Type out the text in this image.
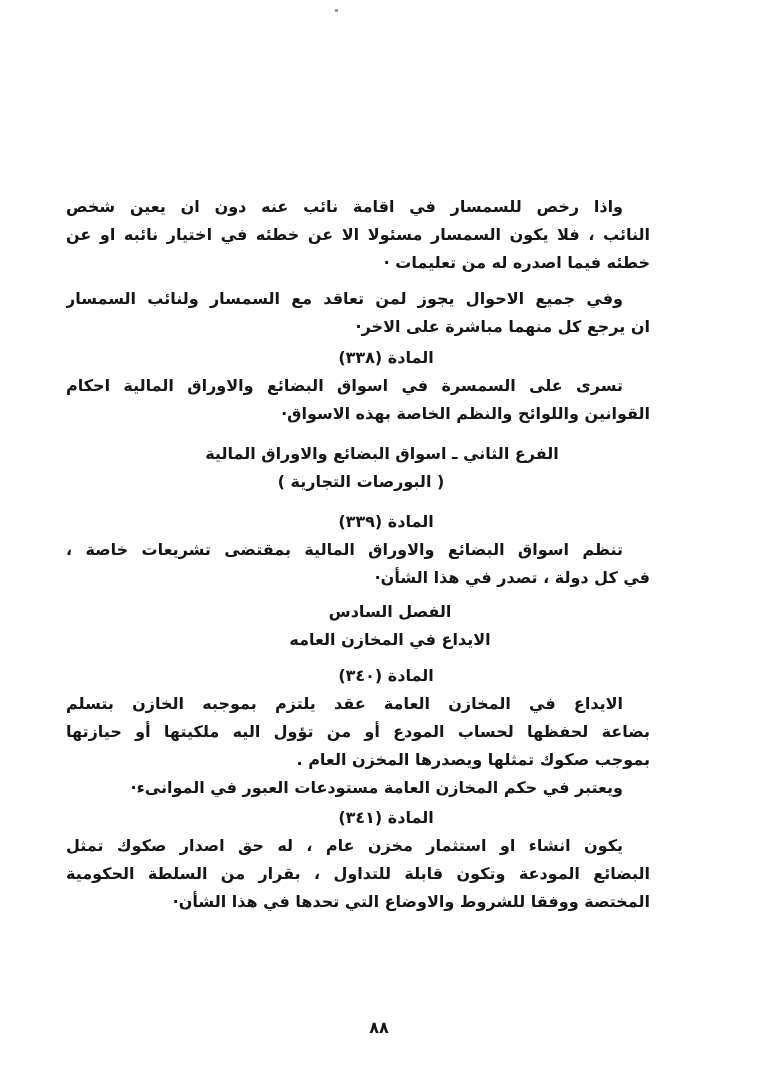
واذا رخص للسمسار في اقامة نائب عنه دون ان يعين شخص
النائب ، فلا يكون السمسار مسئولا الا عن خطئه في اختيار نائبه او عن
خطئه فيما اصدره له من تعليمات ·
وفي جميع الاحوال يجوز لمن تعاقد مع السمسار ولنائب السمسار
ان يرجع كل منهما مباشرة على الاخر·
المادة (٣٣٨)
تسرى على السمسرة في اسواق البضائع والاوراق المالية احكام
القوانين واللوائح والنظم الخاصة بهذه الاسواق·
الفرع الثاني ـ اسواق البضائع والاوراق المالية
( البورصات التجارية )
المادة (٣٣٩)
تنظم اسواق البضائع والاوراق المالية بمقتضى تشريعات خاصة ،
في كل دولة ، تصدر في هذا الشأن·
الفصل السادس
الايداع في المخازن العامه
المادة (٣٤٠)
الايداع في المخازن العامة عقد يلتزم بموجبه الخازن بتسلم
بضاعة لحفظها لحساب المودع أو من تؤول اليه ملكيتها أو حيازتها
بموجب صكوك تمثلها ويصدرها المخزن العام .
ويعتبر في حكم المخازن العامة مستودعات العبور في الموانىء·
المادة (٣٤١)
يكون انشاء او استثمار مخزن عام ، له حق اصدار صكوك تمثل
البضائع المودعة وتكون قابلة للتداول ، بقرار من السلطة الحكومية
المختصة ووفقا للشروط والاوضاع التي تحدها في هذا الشأن·
٨٨
